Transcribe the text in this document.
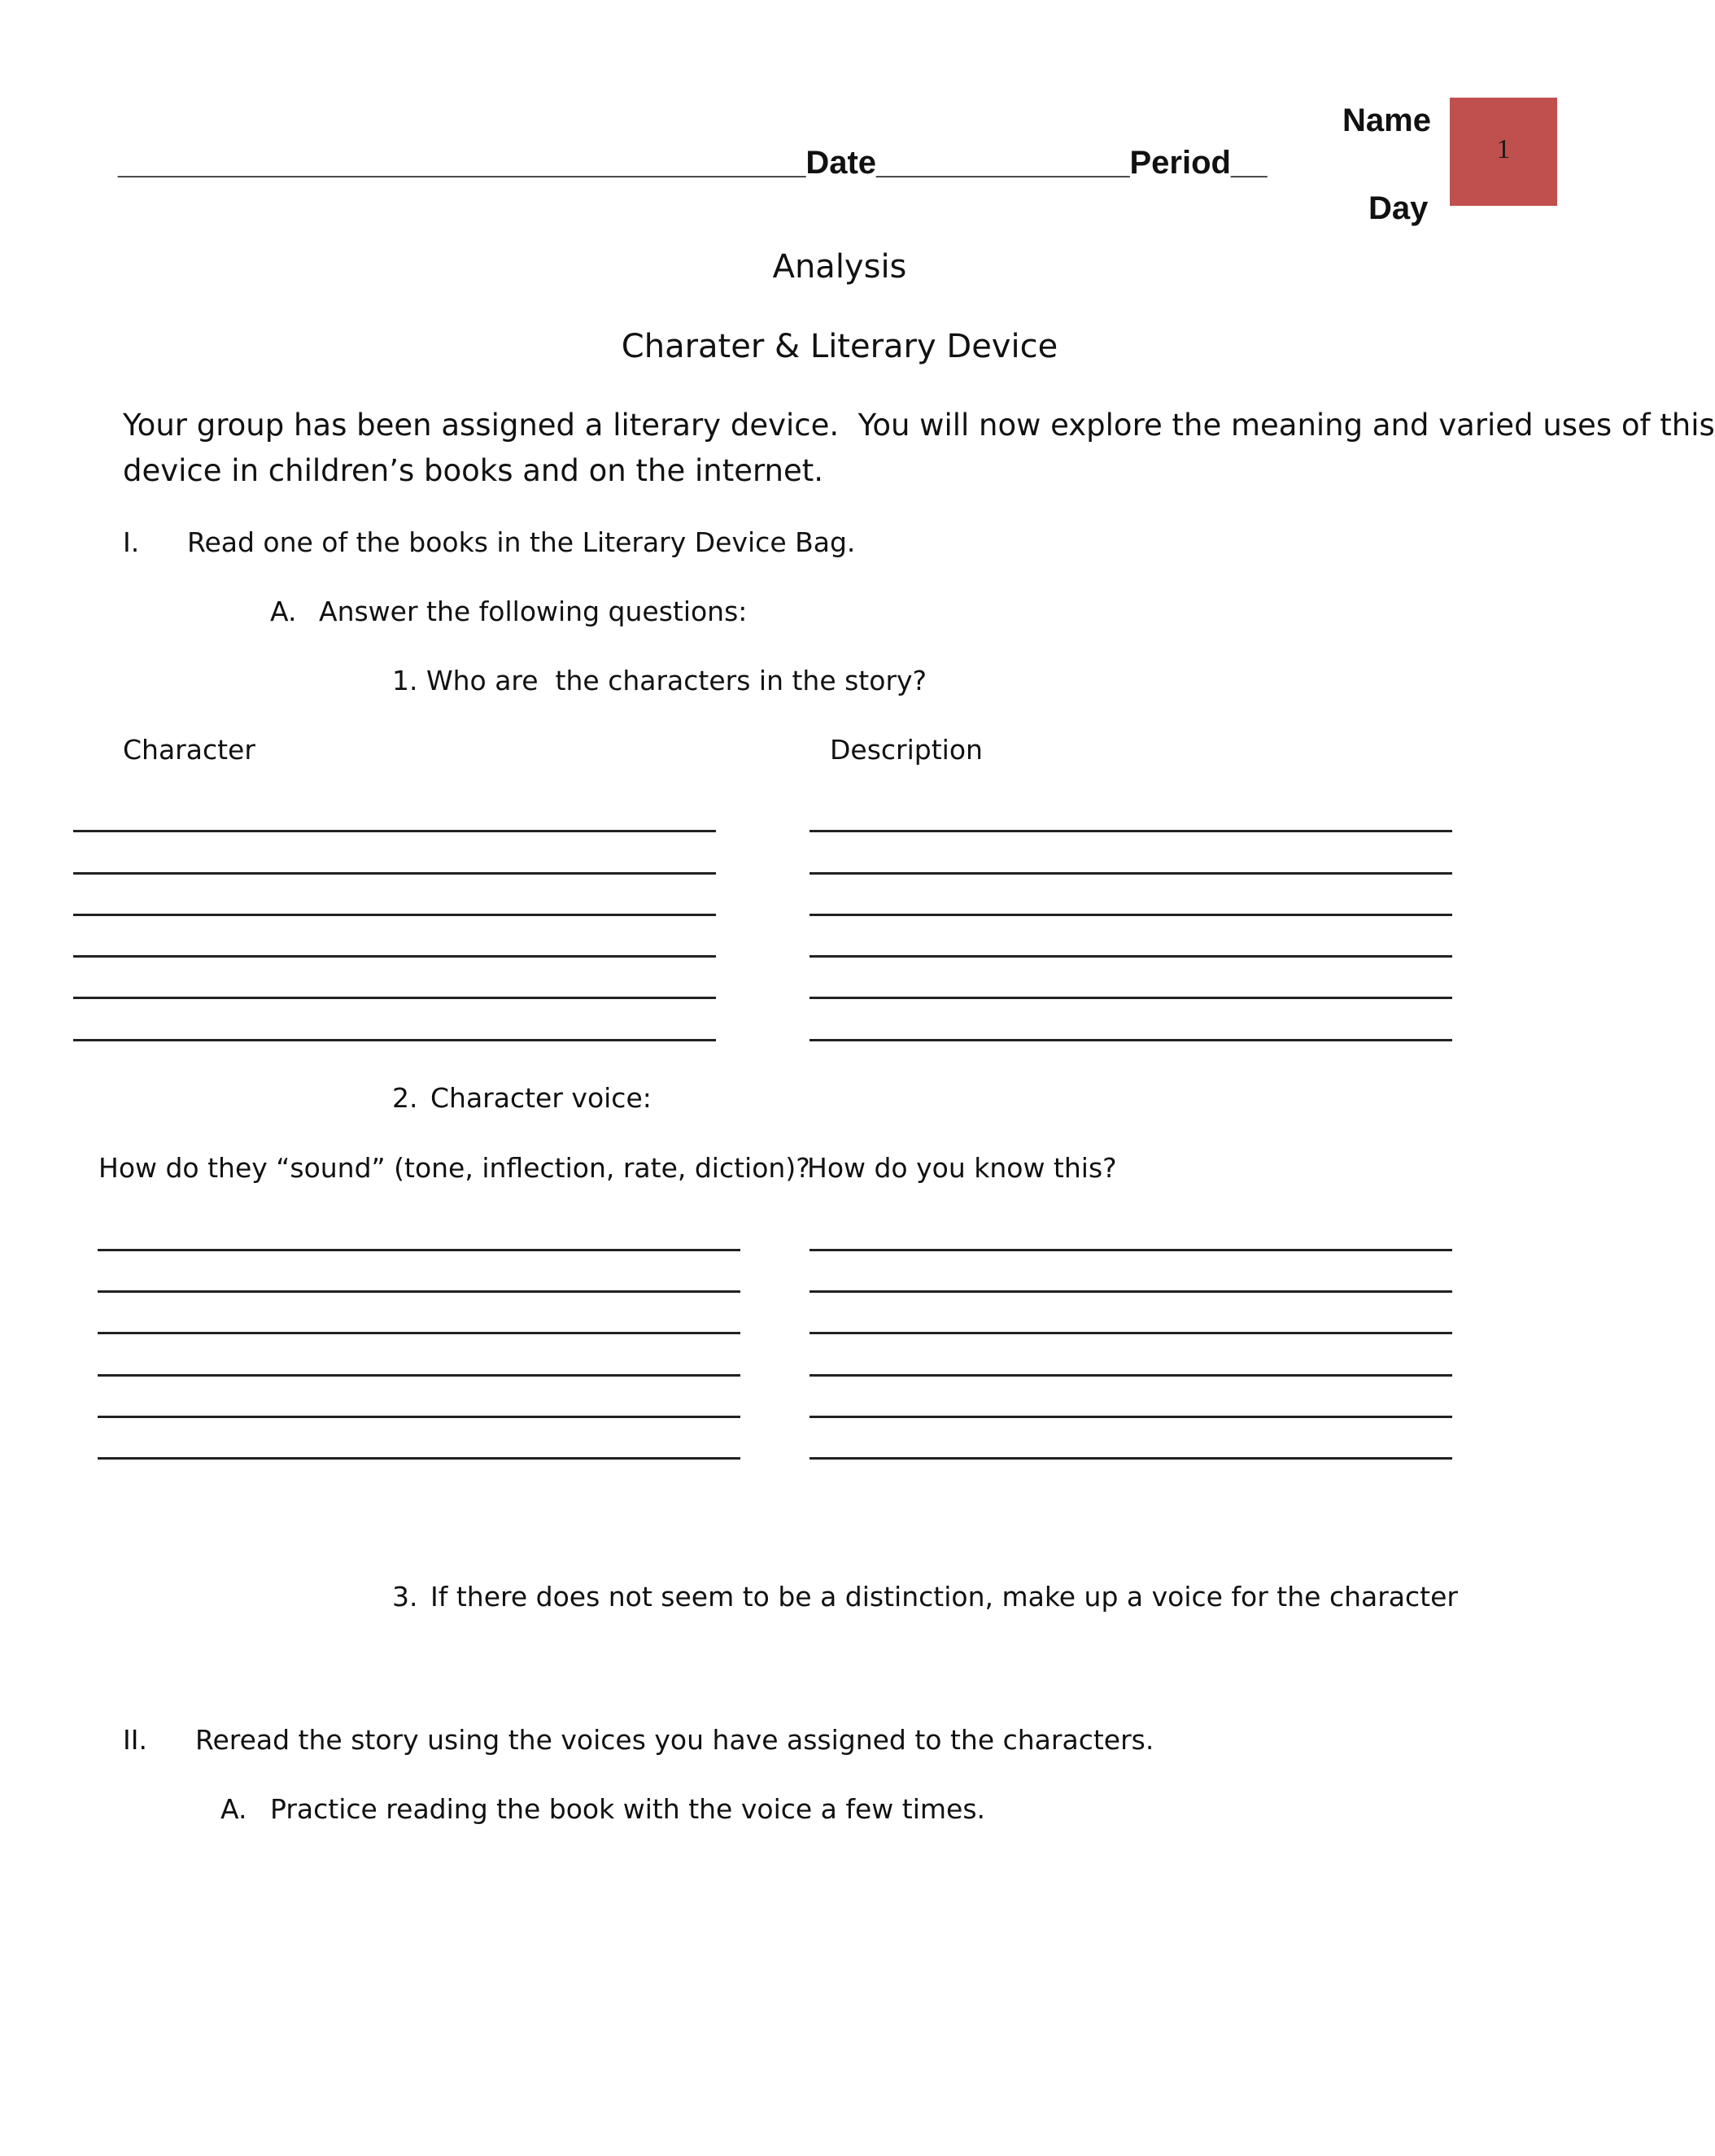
Name
______________________________________Date______________Period__
Day
1
Analysis
Charater & Literary Device
Your group has been assigned a literary device.  You will now explore the meaning and varied uses of this
device in children’s books and on the internet.
I. Read one of the books in the Literary Device Bag.
A. Answer the following questions:
1. Who are  the characters in the story?
Character	Description
2. Character voice:
How do they “sound” (tone, inflection, rate, diction)?
How do you know this?
3. If there does not seem to be a distinction, make up a voice for the character
II. Reread the story using the voices you have assigned to the characters.
A. Practice reading the book with the voice a few times.
